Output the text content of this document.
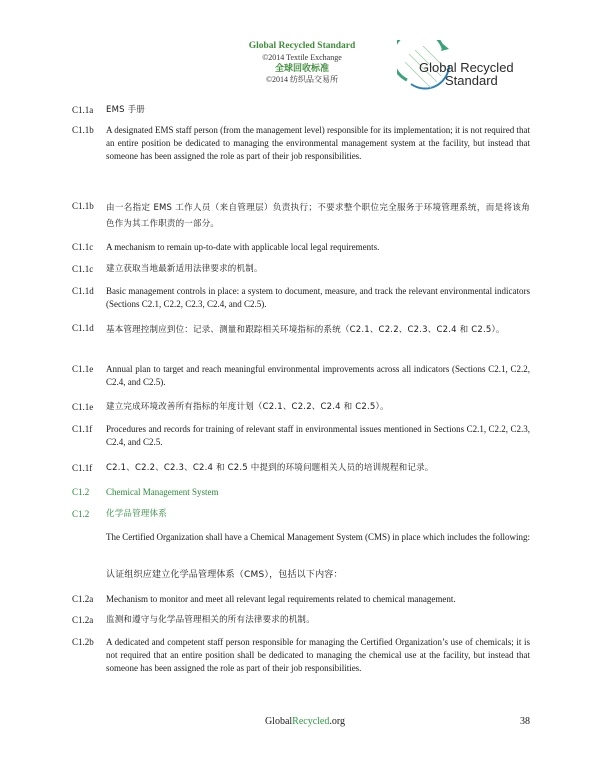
Global Recycled Standard
©2014 Textile Exchange
全球回收标准
©2014 纺织品交易所
Global Recycled
Standard
C1.1a	EMS 手册
C1.1b	A designated EMS staff person (from the management level) responsible for its implementation; it is not required that an entire position be dedicated to managing the environmental management system at the facility, but instead that someone has been assigned the role as part of their job responsibilities.
C1.1b	由一名指定 EMS 工作人员（来自管理层）负责执行；不要求整个职位完全服务于环境管理系统，而是将该角色作为其工作职责的一部分。
C1.1c	A mechanism to remain up-to-date with applicable local legal requirements.
C1.1c	建立获取当地最新适用法律要求的机制。
C1.1d	Basic management controls in place: a system to document, measure, and track the relevant environmental indicators (Sections C2.1, C2.2, C2.3, C2.4, and C2.5).
C1.1d	基本管理控制应到位：记录、测量和跟踪相关环境指标的系统（C2.1、C2.2、C2.3、C2.4 和 C2.5）。
C1.1e	Annual plan to target and reach meaningful environmental improvements across all indicators (Sections C2.1, C2.2, C2.4, and C2.5).
C1.1e	建立完成环境改善所有指标的年度计划（C2.1、C2.2、C2.4 和 C2.5）。
C1.1f	Procedures and records for training of relevant staff in environmental issues mentioned in Sections C2.1, C2.2, C2.3, C2.4, and C2.5.
C1.1f	C2.1、C2.2、C2.3、C2.4 和 C2.5 中提到的环境问题相关人员的培训规程和记录。
C1.2	Chemical Management System
C1.2	化学品管理体系
The Certified Organization shall have a Chemical Management System (CMS) in place which includes the following:
认证组织应建立化学品管理体系（CMS），包括以下内容：
C1.2a	Mechanism to monitor and meet all relevant legal requirements related to chemical management.
C1.2a	监测和遵守与化学品管理相关的所有法律要求的机制。
C1.2b	A dedicated and competent staff person responsible for managing the Certified Organization’s use of chemicals; it is not required that an entire position shall be dedicated to managing the chemical use at the facility, but instead that someone has been assigned the role as part of their job responsibilities.
GlobalRecycled.org	38
